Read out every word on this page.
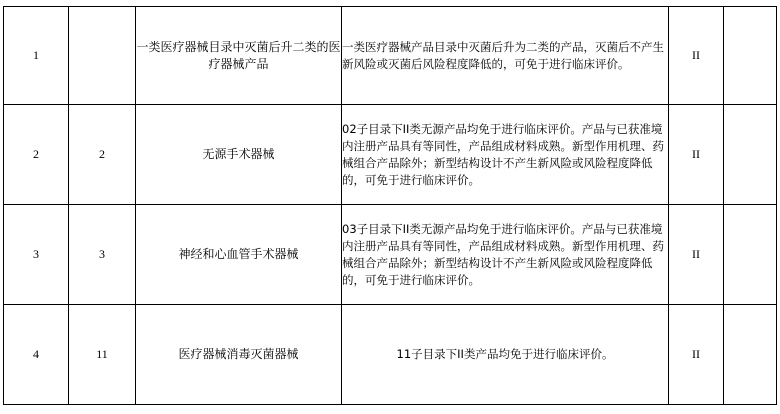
1		一类医疗器械目录中灭菌后升二类的医疗器械产品	一类医疗器械产品目录中灭菌后升为二类的产品，灭菌后不产生新风险或灭菌后风险程度降低的，可免于进行临床评价。	II	
2	2	无源手术器械	02子目录下II类无源产品均免于进行临床评价。产品与已获准境内注册产品具有等同性，产品组成材料成熟。新型作用机理、药械组合产品除外；新型结构设计不产生新风险或风险程度降低的，可免于进行临床评价。	II	
3	3	神经和心血管手术器械	03子目录下II类无源产品均免于进行临床评价。产品与已获准境内注册产品具有等同性，产品组成材料成熟。新型作用机理、药械组合产品除外；新型结构设计不产生新风险或风险程度降低的，可免于进行临床评价。	II	
4	11	医疗器械消毒灭菌器械	11子目录下II类产品均免于进行临床评价。	II	
